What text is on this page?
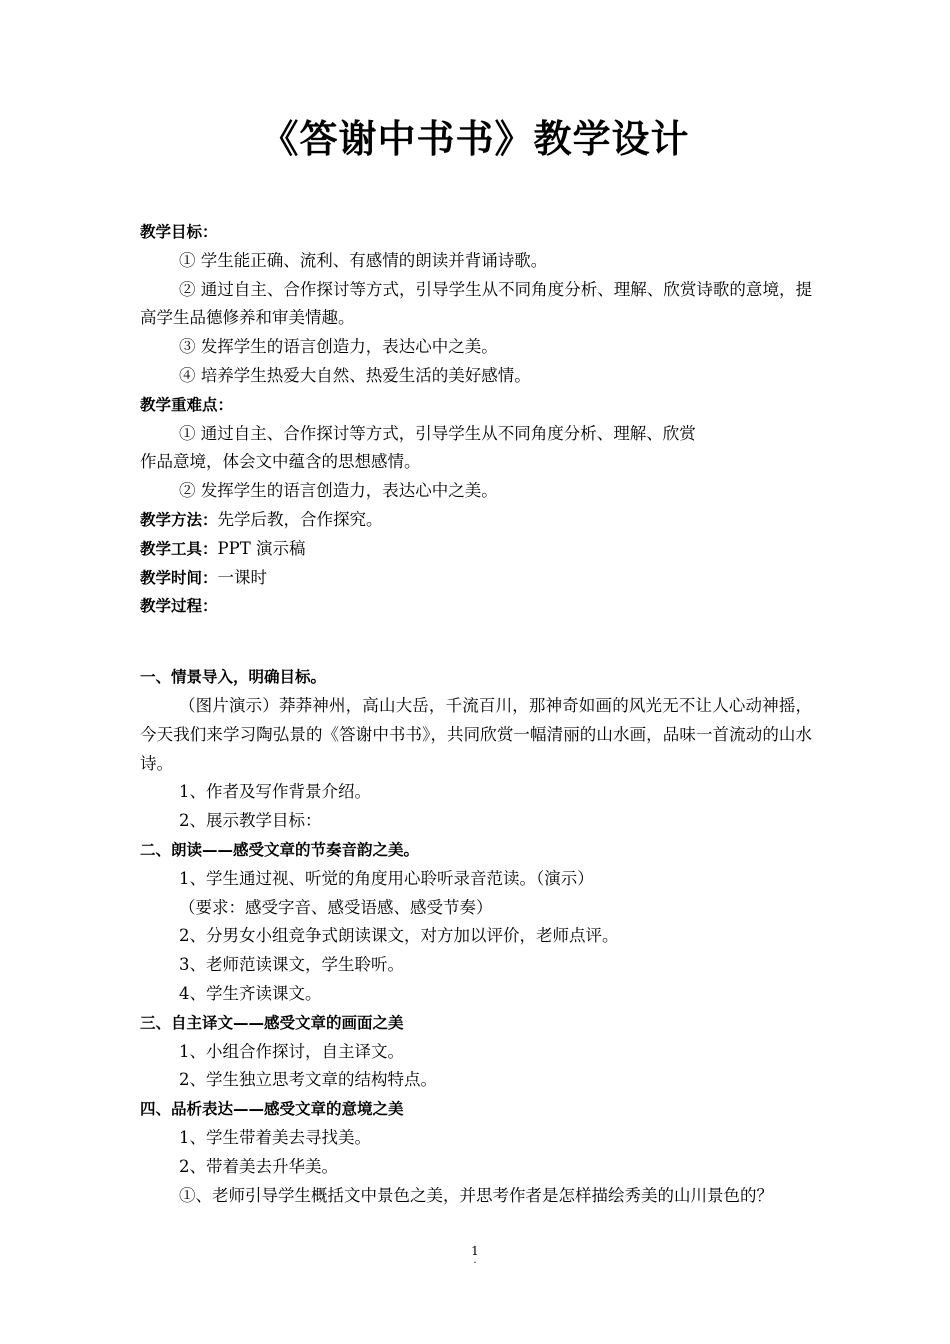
《答谢中书书》教学设计

教学目标：

① 学生能正确、流利、有感情的朗读并背诵诗歌。

② 通过自主、合作探讨等方式，引导学生从不同角度分析、理解、欣赏诗歌的意境，提高学生品德修养和审美情趣。

③ 发挥学生的语言创造力，表达心中之美。

④ 培养学生热爱大自然、热爱生活的美好感情。

教学重难点：

① 通过自主、合作探讨等方式，引导学生从不同角度分析、理解、欣赏

作品意境，体会文中蕴含的思想感情。

② 发挥学生的语言创造力，表达心中之美。

教学方法：先学后教，合作探究。

教学工具：PPT 演示稿

教学时间：一课时

教学过程：

一、情景导入，明确目标。

（图片演示）莽莽神州，高山大岳，千流百川，那神奇如画的风光无不让人心动神摇，今天我们来学习陶弘景的《答谢中书书》，共同欣赏一幅清丽的山水画，品味一首流动的山水诗。

1、作者及写作背景介绍。

2、展示教学目标：

二、朗读——感受文章的节奏音韵之美。

1、学生通过视、听觉的角度用心聆听录音范读。（演示）

（要求：感受字音、感受语感、感受节奏）

2、分男女小组竞争式朗读课文，对方加以评价，老师点评。

3、老师范读课文，学生聆听。

4、学生齐读课文。

三、自主译文——感受文章的画面之美

1、小组合作探讨，自主译文。

2、学生独立思考文章的结构特点。

四、品析表达——感受文章的意境之美

1、学生带着美去寻找美。

2、带着美去升华美。

①、老师引导学生概括文中景色之美，并思考作者是怎样描绘秀美的山川景色的？

1
.
